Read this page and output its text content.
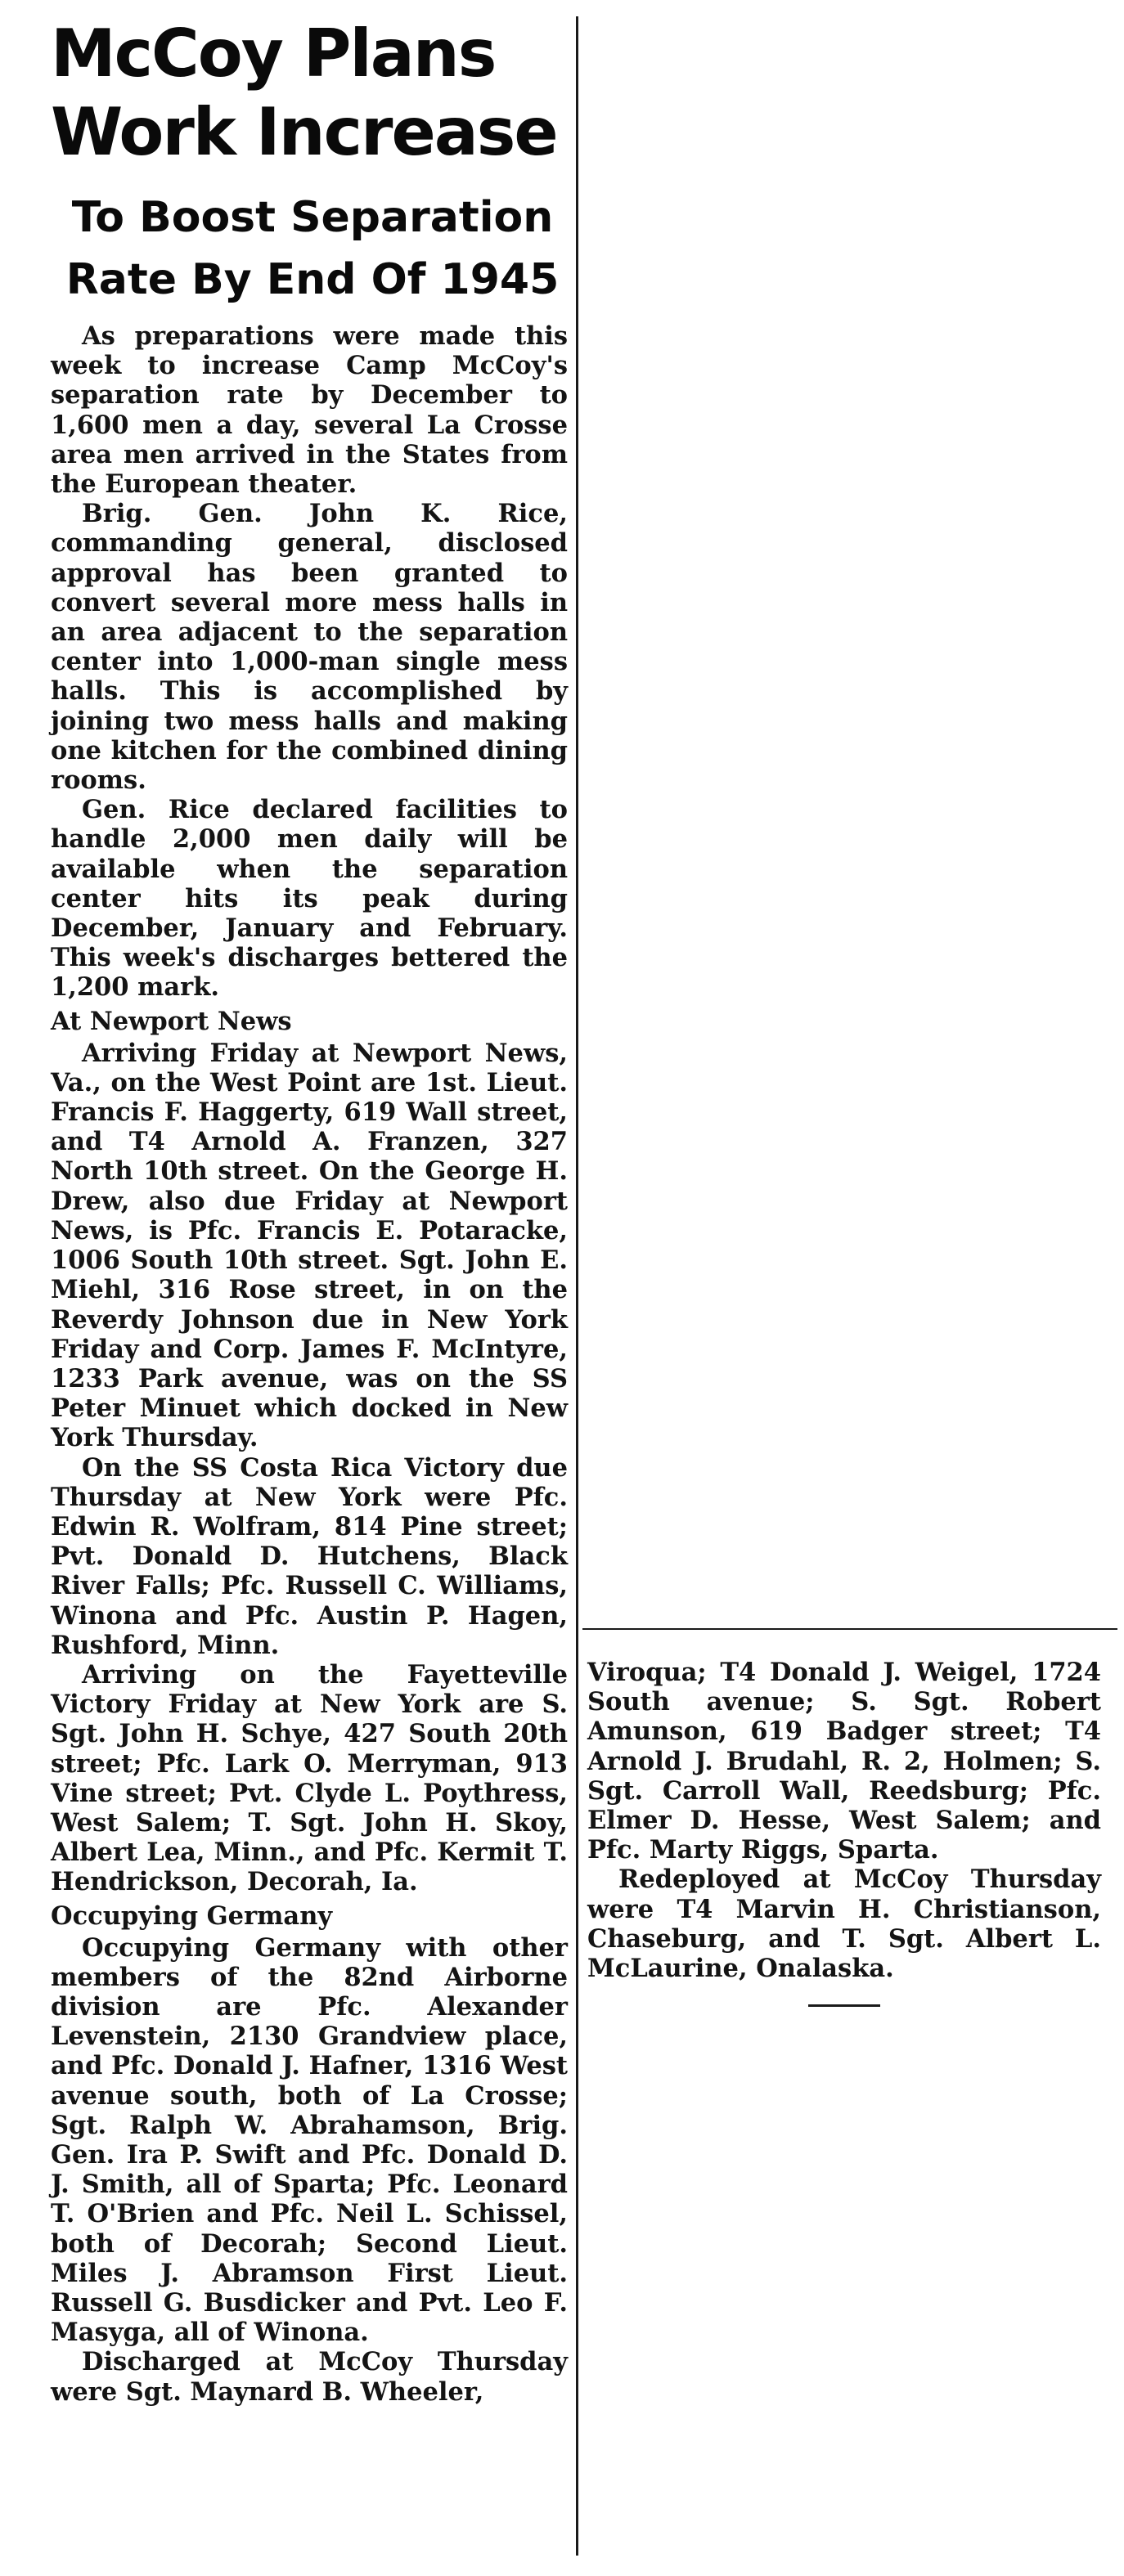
McCoy Plans Work Increase
To Boost Separation Rate By End Of 1945

As preparations were made this week to increase Camp McCoy's separation rate by December to 1,600 men a day, several La Crosse area men arrived in the States from the European theater.

Brig. Gen. John K. Rice, commanding general, disclosed approval has been granted to convert several more mess halls in an area adjacent to the separation center into 1,000-man single mess halls. This is accomplished by joining two mess halls and making one kitchen for the combined dining rooms.

Gen. Rice declared facilities to handle 2,000 men daily will be available when the separation center hits its peak during December, January and February. This week's discharges bettered the 1,200 mark.

At Newport News

Arriving Friday at Newport News, Va., on the West Point are 1st. Lieut. Francis F. Haggerty, 619 Wall street, and T4 Arnold A. Franzen, 327 North 10th street. On the George H. Drew, also due Friday at Newport News, is Pfc. Francis E. Potaracke, 1006 South 10th street. Sgt. John E. Miehl, 316 Rose street, in on the Reverdy Johnson due in New York Friday and Corp. James F. McIntyre, 1233 Park avenue, was on the SS Peter Minuet which docked in New York Thursday.

On the SS Costa Rica Victory due Thursday at New York were Pfc. Edwin R. Wolfram, 814 Pine street; Pvt. Donald D. Hutchens, Black River Falls; Pfc. Russell C. Williams, Winona and Pfc. Austin P. Hagen, Rushford, Minn.

Arriving on the Fayetteville Victory Friday at New York are S. Sgt. John H. Schye, 427 South 20th street; Pfc. Lark O. Merryman, 913 Vine street; Pvt. Clyde L. Poythress, West Salem; T. Sgt. John H. Skoy, Albert Lea, Minn., and Pfc. Kermit T. Hendrickson, Decorah, Ia.

Occupying Germany

Occupying Germany with other members of the 82nd Airborne division are Pfc. Alexander Levenstein, 2130 Grandview place, and Pfc. Donald J. Hafner, 1316 West avenue south, both of La Crosse; Sgt. Ralph W. Abrahamson, Brig. Gen. Ira P. Swift and Pfc. Donald D. J. Smith, all of Sparta; Pfc. Leonard T. O'Brien and Pfc. Neil L. Schissel, both of Decorah; Second Lieut. Miles J. Abramson First Lieut. Russell G. Busdicker and Pvt. Leo F. Masyga, all of Winona.

Discharged at McCoy Thursday were Sgt. Maynard B. Wheeler,

Viroqua; T4 Donald J. Weigel, 1724 South avenue; S. Sgt. Robert Amunson, 619 Badger street; T4 Arnold J. Brudahl, R. 2, Holmen; S. Sgt. Carroll Wall, Reedsburg; Pfc. Elmer D. Hesse, West Salem; and Pfc. Marty Riggs, Sparta.

Redeployed at McCoy Thursday were T4 Marvin H. Christianson, Chaseburg, and T. Sgt. Albert L. McLaurine, Onalaska.
